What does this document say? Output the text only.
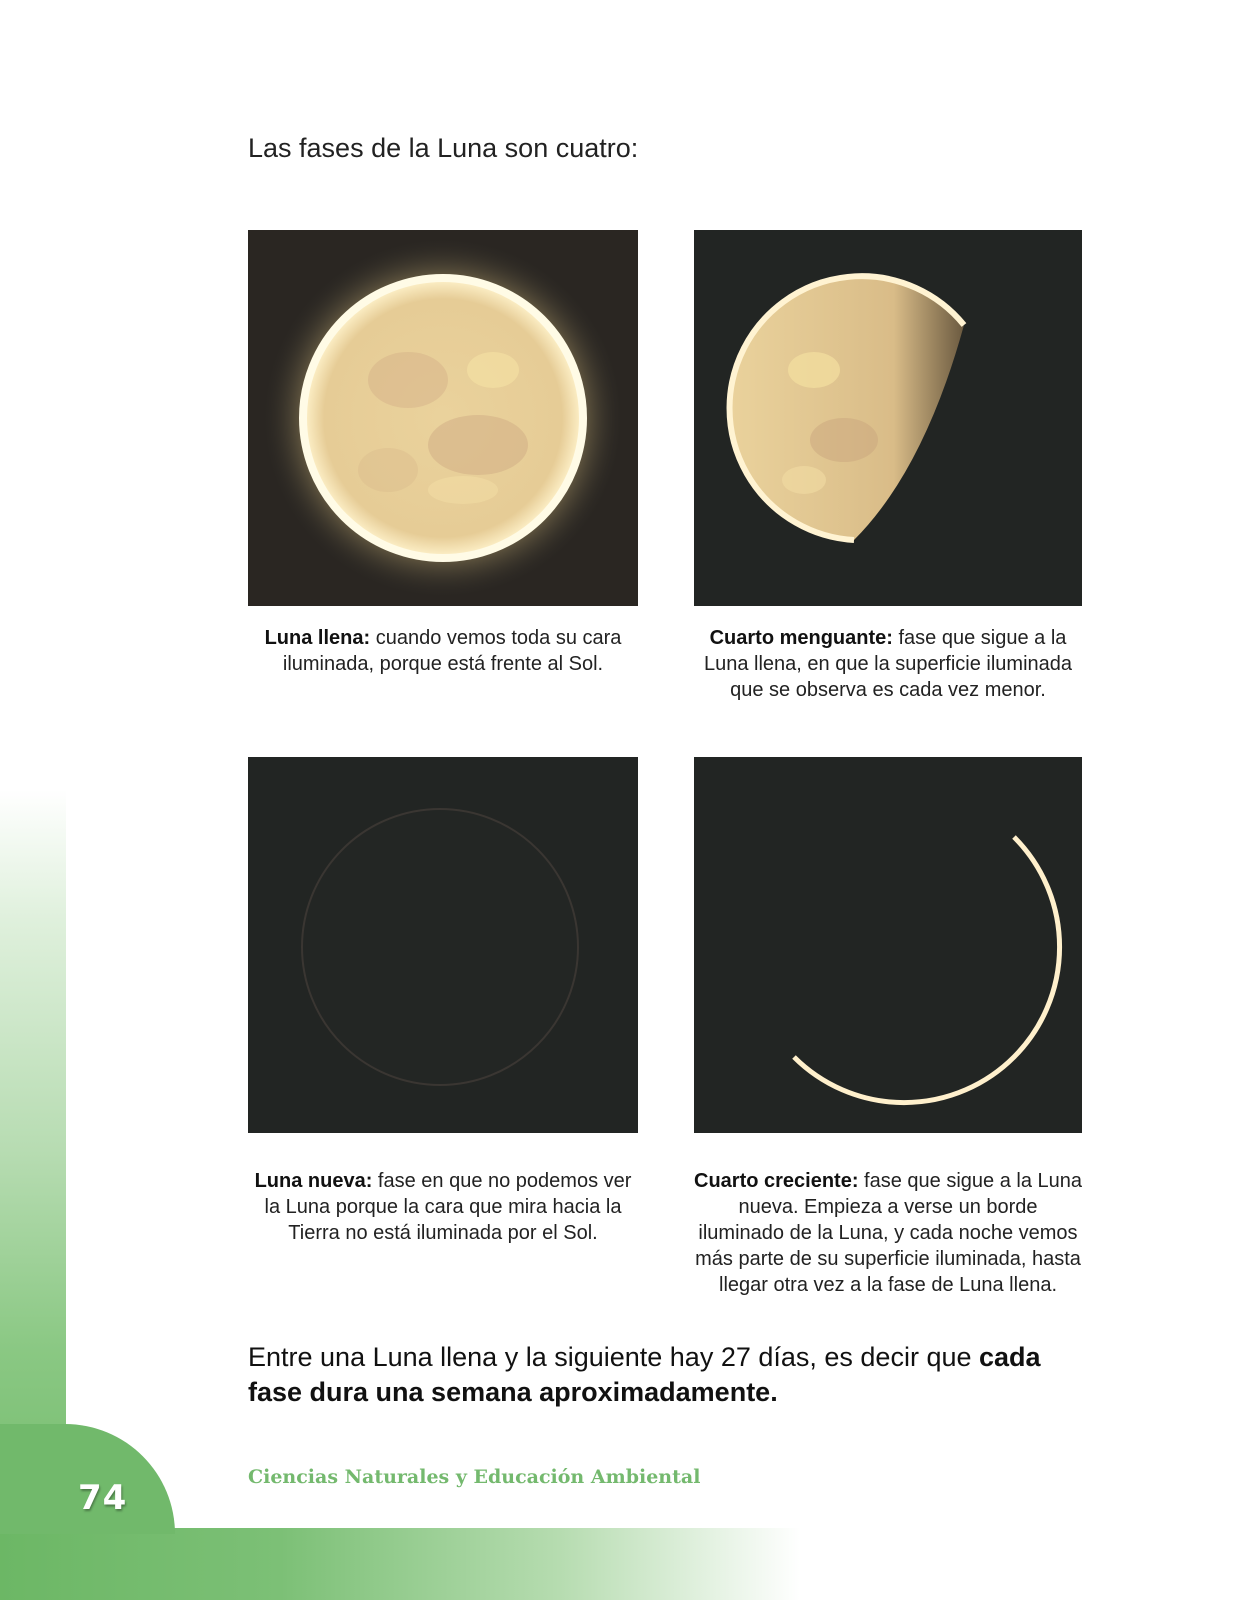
74
Ciencias Naturales y Educación Ambiental
Las fases de la Luna son cuatro:
Luna llena: cuando vemos toda su cara iluminada, porque está frente al Sol.
Cuarto menguante: fase que sigue a la Luna llena, en que la superficie iluminada que se observa es cada vez menor.
Luna nueva: fase en que no podemos ver la Luna porque la cara que mira hacia la Tierra no está iluminada por el Sol.
Cuarto creciente: fase que sigue a la Luna nueva. Empieza a verse un borde iluminado de la Luna, y cada noche vemos más parte de su superficie iluminada, hasta llegar otra vez a la fase de Luna llena.
Entre una Luna llena y la siguiente hay 27 días, es decir que cada fase dura una semana aproximadamente.
